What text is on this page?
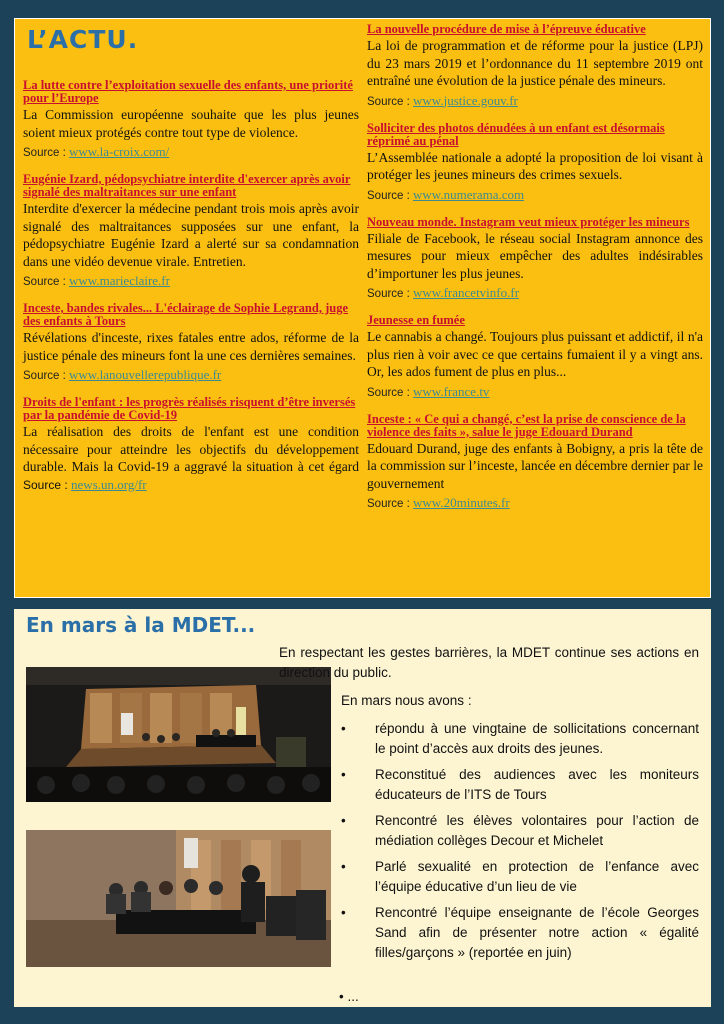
L’ACTU.

La lutte contre l’exploitation sexuelle des enfants, une priorité pour l’Europe

La Commission européenne souhaite que les plus jeunes soient mieux protégés contre tout type de violence.

Source : www.la-croix.com/

Eugénie Izard, pédopsychiatre interdite d'exercer après avoir signalé des maltraitances sur une enfant

Interdite d'exercer la médecine pendant trois mois après avoir signalé des maltraitances supposées sur une enfant, la pédopsychiatre Eugénie Izard a alerté sur sa condamnation dans une vidéo devenue virale. Entretien.

Source : www.marieclaire.fr

Inceste, bandes rivales... L'éclairage de Sophie Legrand, juge des enfants à Tours

Révélations d'inceste, rixes fatales entre ados, réforme de la justice pénale des mineurs font la une ces dernières semaines.

Source : www.lanouvellerepublique.fr

Droits de l'enfant : les progrès réalisés risquent d’être inversés par la pandémie de Covid-19

La réalisation des droits de l'enfant est une condition nécessaire pour atteindre les objectifs du développement durable. Mais la Covid-19 a aggravé la situation à cet égard Source : news.un.org/fr

La nouvelle procédure de mise à l’épreuve éducative

La loi de programmation et de réforme pour la justice (LPJ) du 23 mars 2019 et l’ordonnance du 11 septembre 2019 ont entraîné une évolution de la justice pénale des mineurs.

Source : www.justice.gouv.fr

Solliciter des photos dénudées à un enfant est désormais réprimé au pénal

L’Assemblée nationale a adopté la proposition de loi visant à protéger les jeunes mineurs des crimes sexuels.

Source : www.numerama.com

Nouveau monde. Instagram veut mieux protéger les mineurs

Filiale de Facebook, le réseau social Instagram annonce des mesures pour mieux empêcher des adultes indésirables d’importuner les plus jeunes.

Source : www.francetvinfo.fr

Jeunesse en fumée

Le cannabis a changé. Toujours plus puissant et addictif, il n'a plus rien à voir avec ce que certains fumaient il y a vingt ans. Or, les ados fument de plus en plus...

Source : www.france.tv

Inceste : « Ce qui a changé, c’est la prise de conscience de la violence des faits », salue le juge Edouard Durand

Edouard Durand, juge des enfants à Bobigny, a pris la tête de la commission sur l’inceste, lancée en décembre dernier par le gouvernement

Source : www.20minutes.fr
En mars à la MDET...

En respectant les gestes barrières, la MDET continue ses actions en direction du public.

En mars nous avons :

• répondu à une vingtaine de sollicitations concernant le point d’accès aux droits des jeunes.
• Reconstitué des audiences avec les moniteurs éducateurs de l’ITS de Tours
• Rencontré les élèves volontaires pour l’action de médiation collèges Decour et Michelet
• Parlé sexualité en protection de l’enfance avec l’équipe éducative d’un lieu de vie
• Rencontré l’équipe enseignante de l’école Georges Sand afin de présenter notre action « égalité filles/garçons » (reportée en juin)
• ...
